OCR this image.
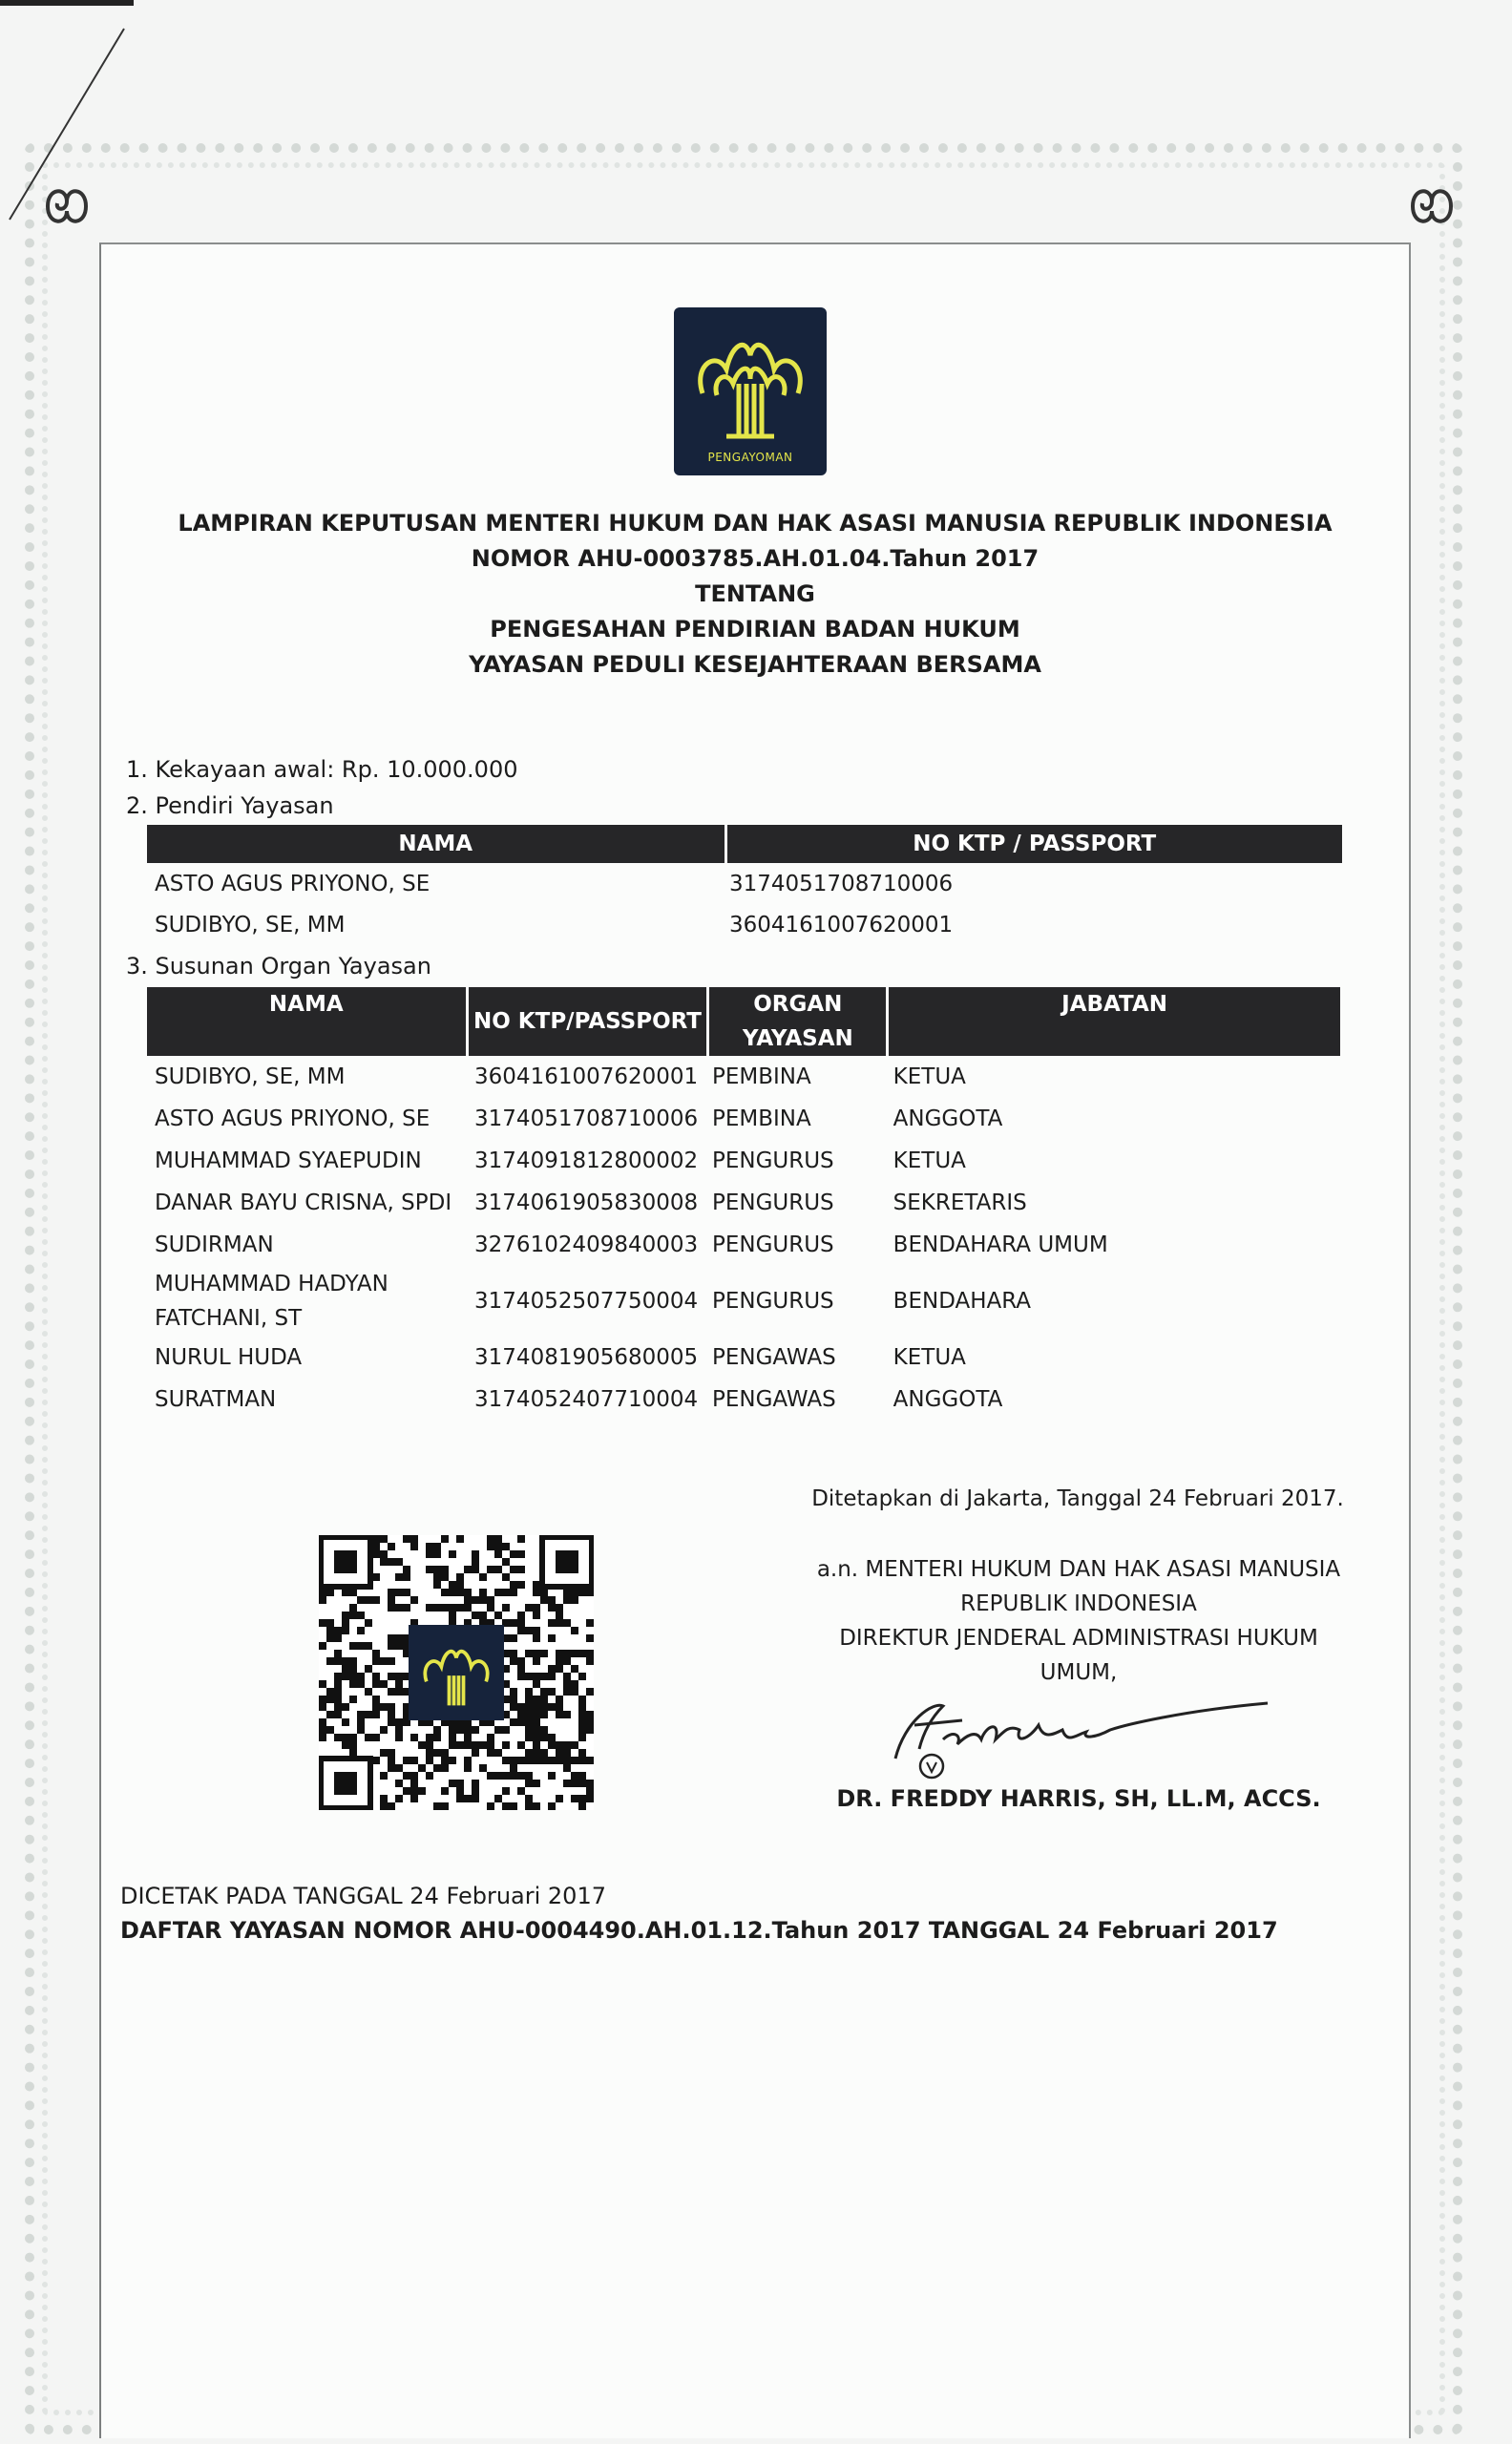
PENGAYOMAN
LAMPIRAN KEPUTUSAN MENTERI HUKUM DAN HAK ASASI MANUSIA REPUBLIK INDONESIA
NOMOR AHU-0003785.AH.01.04.Tahun 2017
TENTANG
PENGESAHAN PENDIRIAN BADAN HUKUM
YAYASAN PEDULI KESEJAHTERAAN BERSAMA
1. Kekayaan awal: Rp. 10.000.000
2. Pendiri Yayasan
NAMA	NO KTP / PASSPORT
ASTO AGUS PRIYONO, SE	3174051708710006
SUDIBYO, SE, MM	3604161007620001
3. Susunan Organ Yayasan
NAMA	NO KTP/PASSPORT	ORGAN YAYASAN	JABATAN
SUDIBYO, SE, MM	3604161007620001	PEMBINA	KETUA
ASTO AGUS PRIYONO, SE	3174051708710006	PEMBINA	ANGGOTA
MUHAMMAD SYAEPUDIN	3174091812800002	PENGURUS	KETUA
DANAR BAYU CRISNA, SPDI	3174061905830008	PENGURUS	SEKRETARIS
SUDIRMAN	3276102409840003	PENGURUS	BENDAHARA UMUM
MUHAMMAD HADYAN FATCHANI, ST	3174052507750004	PENGURUS	BENDAHARA
NURUL HUDA	3174081905680005	PENGAWAS	KETUA
SURATMAN	3174052407710004	PENGAWAS	ANGGOTA
Ditetapkan di Jakarta, Tanggal 24 Februari 2017.
a.n. MENTERI HUKUM DAN HAK ASASI MANUSIA
REPUBLIK INDONESIA
DIREKTUR JENDERAL ADMINISTRASI HUKUM
UMUM,
DR. FREDDY HARRIS, SH, LL.M, ACCS.
DICETAK PADA TANGGAL 24 Februari 2017
DAFTAR YAYASAN NOMOR AHU-0004490.AH.01.12.Tahun 2017 TANGGAL 24 Februari 2017
